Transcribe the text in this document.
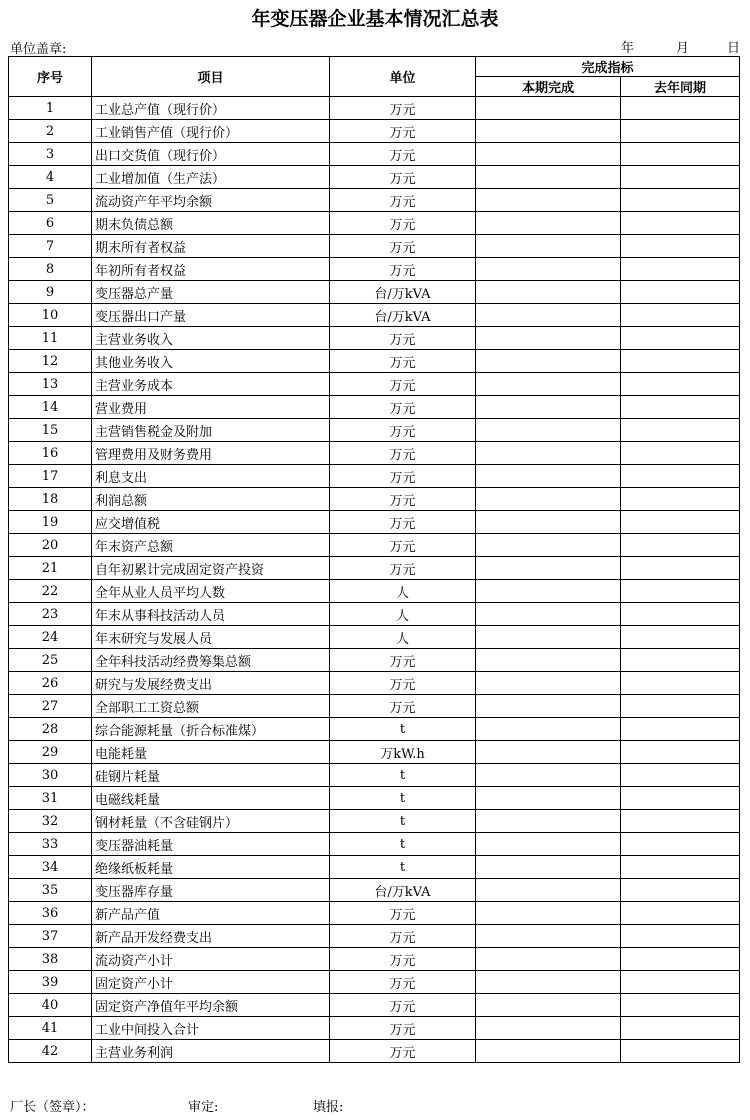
年变压器企业基本情况汇总表
单位盖章:	年	月	日
序号	项目	单位	完成指标	
			本期完成	去年同期
1	工业总产值（现行价）	万元		
2	工业销售产值（现行价）	万元		
3	出口交货值（现行价）	万元		
4	工业增加值（生产法）	万元		
5	流动资产年平均余额	万元		
6	期末负债总额	万元		
7	期末所有者权益	万元		
8	年初所有者权益	万元		
9	变压器总产量	台/万kVA		
10	变压器出口产量	台/万kVA		
11	主营业务收入	万元		
12	其他业务收入	万元		
13	主营业务成本	万元		
14	营业费用	万元		
15	主营销售税金及附加	万元		
16	管理费用及财务费用	万元		
17	利息支出	万元		
18	利润总额	万元		
19	应交增值税	万元		
20	年末资产总额	万元		
21	自年初累计完成固定资产投资	万元		
22	全年从业人员平均人数	人		
23	年末从事科技活动人员	人		
24	年末研究与发展人员	人		
25	全年科技活动经费筹集总额	万元		
26	研究与发展经费支出	万元		
27	全部职工工资总额	万元		
28	综合能源耗量（折合标准煤）	t		
29	电能耗量	万kW.h		
30	硅钢片耗量	t		
31	电磁线耗量	t		
32	钢材耗量（不含硅钢片）	t		
33	变压器油耗量	t		
34	绝缘纸板耗量	t		
35	变压器库存量	台/万kVA		
36	新产品产值	万元		
37	新产品开发经费支出	万元		
38	流动资产小计	万元		
39	固定资产小计	万元		
40	固定资产净值年平均余额	万元		
41	工业中间投入合计	万元		
42	主营业务利润	万元		
厂长（签章）：	审定:	填报:
